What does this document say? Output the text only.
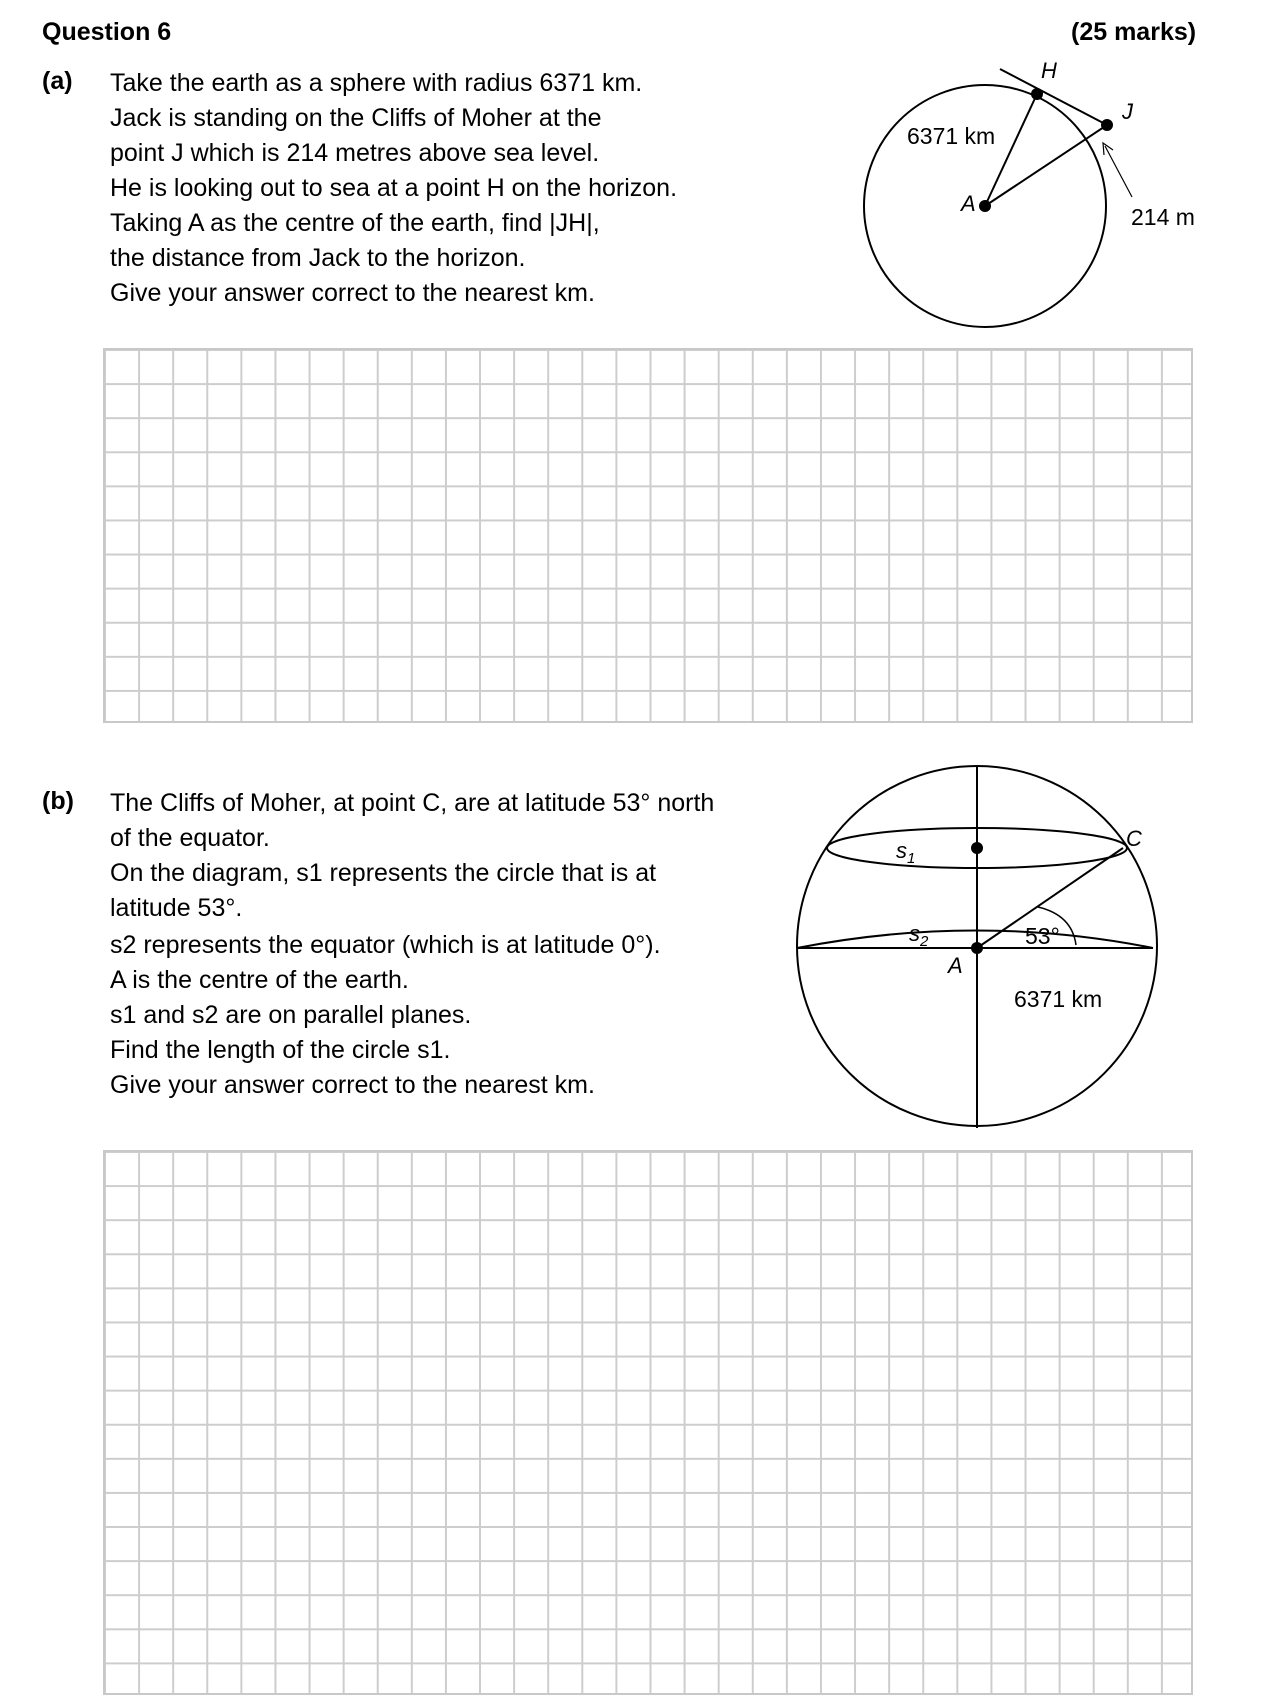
Question 6	(25 marks)
(a) Take the earth as a sphere with radius 6371 km.
Jack is standing on the Cliffs of Moher at the
point J which is 214 metres above sea level.
He is looking out to sea at a point H on the horizon.
Taking A as the centre of the earth, find |JH|,
the distance from Jack to the horizon.
Give your answer correct to the nearest km.
H
J
A
6371 km
214 m
(b) The Cliffs of Moher, at point C, are at latitude 53° north
of the equator.
On the diagram, s1 represents the circle that is at
latitude 53°.
s2 represents the equator (which is at latitude 0°).
A is the centre of the earth.
s1 and s2 are on parallel planes.
Find the length of the circle s1.
Give your answer correct to the nearest km.
$s_1$
$s_2$
C
A
53°
6371 km
